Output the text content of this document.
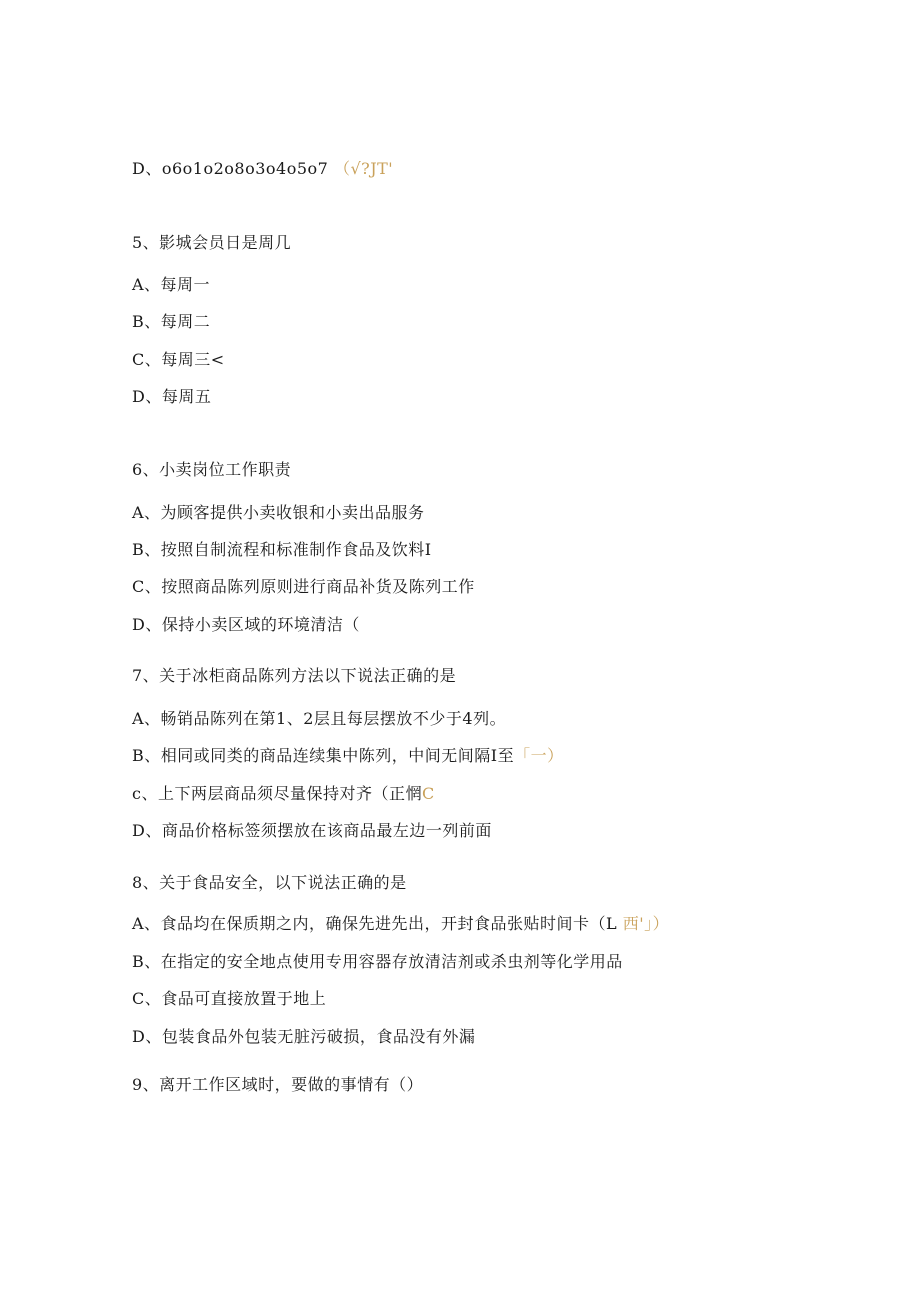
D、o6o1o2o8o3o4o5o7 （√?JT'
5、影城会员日是周几
A、每周一
B、每周二
C、每周三<
D、每周五
6、小卖岗位工作职责
A、为顾客提供小卖收银和小卖出品服务
B、按照自制流程和标准制作食品及饮料I
C、按照商品陈列原则进行商品补货及陈列工作
D、保持小卖区域的环境清洁（
7、关于冰柜商品陈列方法以下说法正确的是
A、畅销品陈列在第1、2层且每层摆放不少于4列。
B、相同或同类的商品连续集中陈列，中间无间隔I至「一）
c、上下两层商品须尽量保持对齐（正惘C
D、商品价格标签须摆放在该商品最左边一列前面
8、关于食品安全，以下说法正确的是
A、食品均在保质期之内，确保先进先出，开封食品张贴时间卡（L 西'」）
B、在指定的安全地点使用专用容器存放清洁剂或杀虫剂等化学用品
C、食品可直接放置于地上
D、包装食品外包装无脏污破损，食品没有外漏
9、离开工作区域时，要做的事情有（）
